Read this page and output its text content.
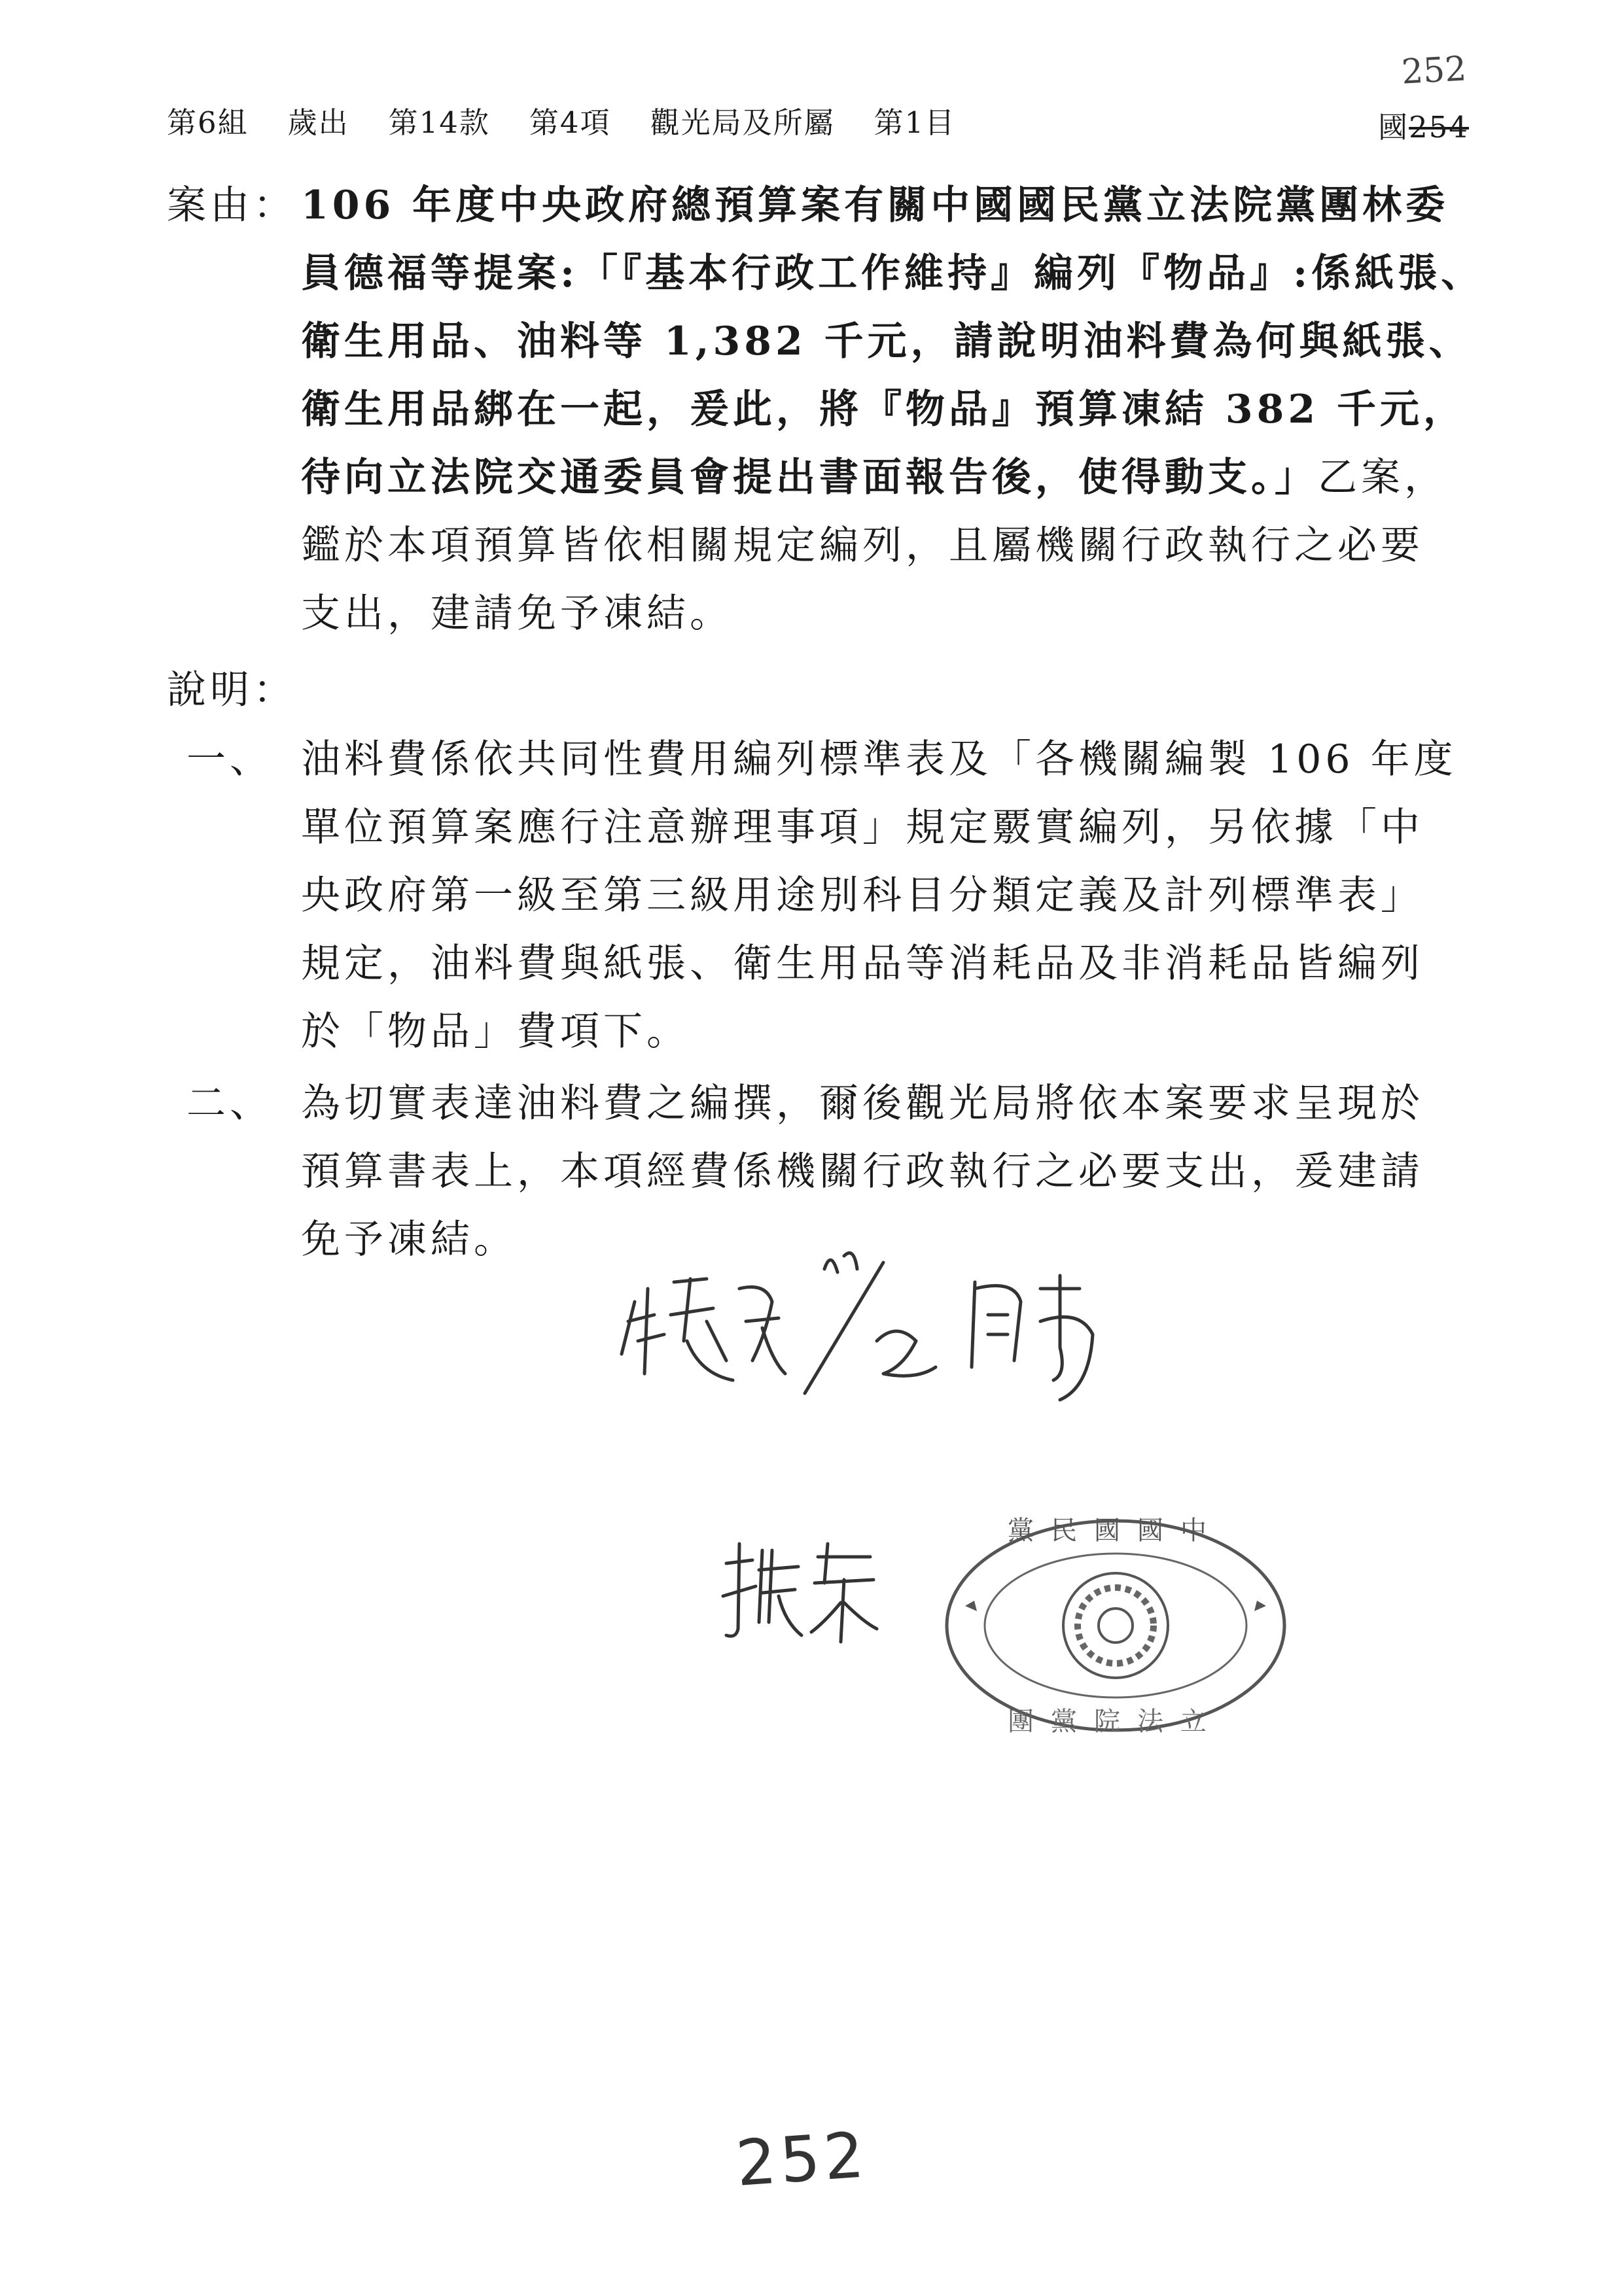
第6組 歲出 第14款 第4項 觀光局及所屬 第1目	國254
252
案由： 106 年度中央政府總預算案有關中國國民黨立法院黨團林委
員德福等提案:「『基本行政工作維持』編列『物品』:係紙張、
衛生用品、油料等 1,382 千元，請說明油料費為何與紙張、
衛生用品綁在一起，爰此，將『物品』預算凍結 382 千元，
待向立法院交通委員會提出書面報告後，使得動支。」乙案，
鑑於本項預算皆依相關規定編列，且屬機關行政執行之必要
支出，建請免予凍結。
說明：
一、 油料費係依共同性費用編列標準表及「各機關編製 106 年度
單位預算案應行注意辦理事項」規定覈實編列，另依據「中
央政府第一級至第三級用途別科目分類定義及計列標準表」
規定，油料費與紙張、衛生用品等消耗品及非消耗品皆編列
於「物品」費項下。
二、 為切實表達油料費之編撰，爾後觀光局將依本案要求呈現於
預算書表上，本項經費係機關行政執行之必要支出，爰建請
免予凍結。
黨民國國中
團黨院法立
252
